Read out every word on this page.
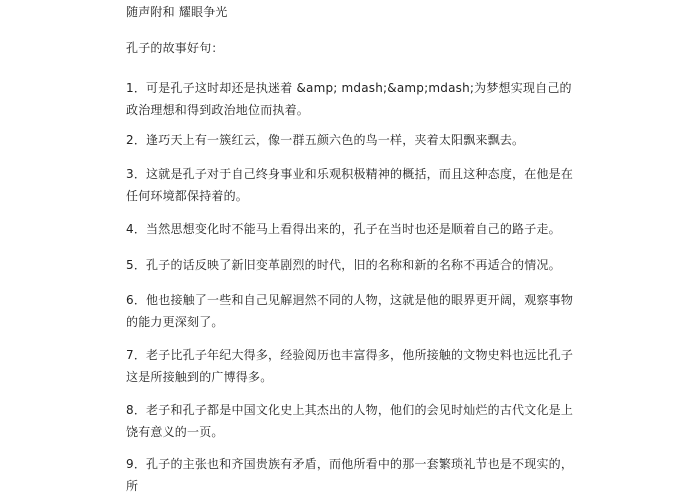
随声附和 耀眼争光
孔子的故事好句：
1．可是孔子这时却还是执迷着 &amp; mdash;&amp;mdash;为梦想实现自己的政治理想和得到政治地位而执着。
2．逢巧天上有一簇红云，像一群五颜六色的鸟一样，夹着太阳飘来飘去。
3．这就是孔子对于自己终身事业和乐观积极精神的概括，而且这种态度，在他是在任何环境都保持着的。
4．当然思想变化时不能马上看得出来的，孔子在当时也还是顺着自己的路子走。
5．孔子的话反映了新旧变革剧烈的时代，旧的名称和新的名称不再适合的情况。
6．他也接触了一些和自己见解迥然不同的人物，这就是他的眼界更开阔，观察事物的能力更深刻了。
7．老子比孔子年纪大得多，经验阅历也丰富得多，他所接触的文物史料也远比孔子这是所接触到的广博得多。
8．老子和孔子都是中国文化史上其杰出的人物，他们的会见时灿烂的古代文化是上饶有意义的一页。
9．孔子的主张也和齐国贵族有矛盾，而他所看中的那一套繁琐礼节也是不现实的，所
